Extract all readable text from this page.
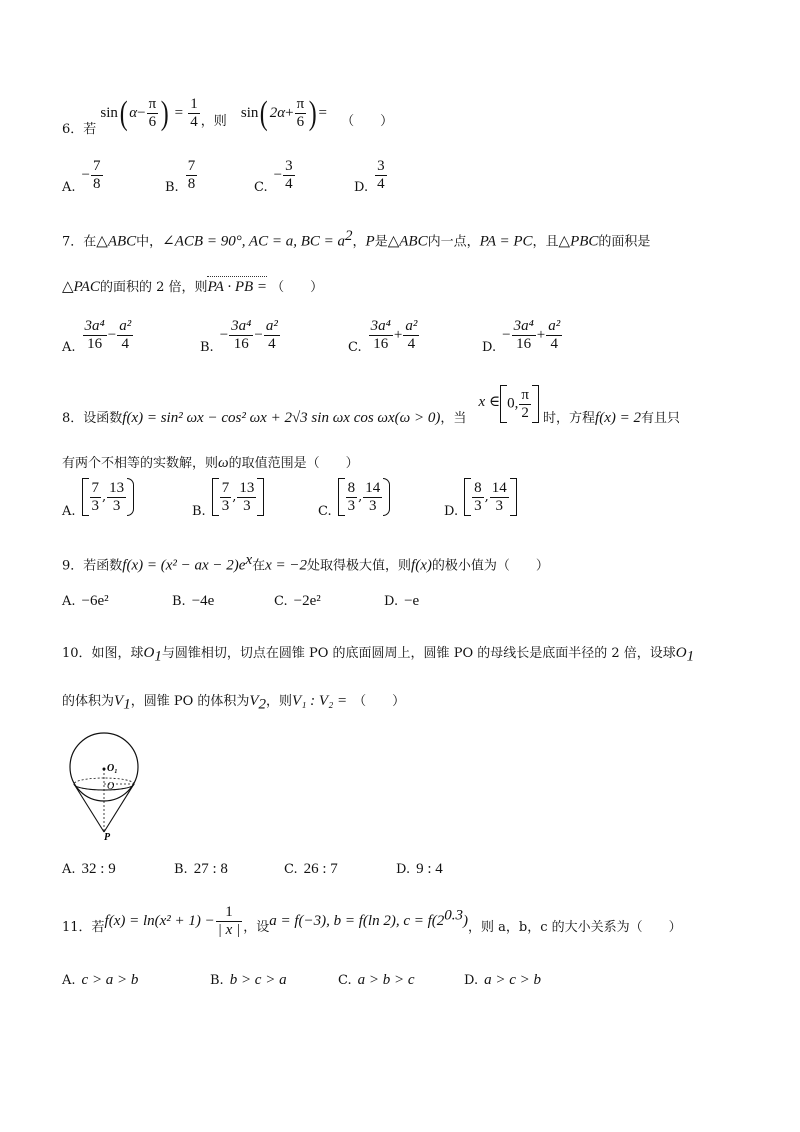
6．若 sin( $\alpha- \frac{\pi}{6}$ ) = $\frac{1}{4}$ ，则 sin( $2\alpha+ \frac{\pi}{6}$ ) = （　　）
$A.- \frac{7}{8}$	B. $\frac{7}{8}$	$C.- \frac{3}{4}$	D. $\frac{3}{4}$
7．在△ABC中，∠ACB = 90°, AC = a, BC = $a^2$，P是△ABC内一点，PA = PC，且△PBC的面积是
△PAC的面积的 2 倍，则PA · PB = （　　）
A. $\frac{\text{3a⁴}}{16} - \frac{\text{a²}}{4}$	$B.- \frac{\text{3a⁴}}{16} - \frac{\text{a²}}{4}$	C. $\frac{\text{3a⁴}}{16} + \frac{\text{a²}}{4}$	$D.- \frac{\text{3a⁴}}{16} + \frac{\text{a²}}{4}$
8．设函数f(x) = sin² ωx − cos² ωx + 2√3 sin ωx cos ωx(ω > 0)，当 x ∈ 0, $\frac{\pi}{2}$ 时，方程f(x) = 2有且只
有两个不相等的实数解，则ω的取值范围是（　　）
A. $\frac{7}{3}$ , $\frac{13}{3}$	B. $\frac{7}{3}$ , $\frac{13}{3}$	C. $\frac{8}{3}$ , $\frac{14}{3}$	D. $\frac{8}{3}$ , $\frac{14}{3}$
9．若函数f(x) = (x² − ax − $2)e^x$在x = −2处取得极大值，则f(x)的极小值为（　　）
A. −6e²	B. −4e	C. −2e²	D. −e
10．如图，球$O_1$与圆锥相切，切点在圆锥 PO 的底面圆周上，圆锥 PO 的母线长是底面半径的 2 倍，设球$O_1$
的体积为$V_1$，圆锥 PO 的体积为$V_2$，则V₁ : V₂ = （　　）
O₁
O
P
A. 32 : 9	B. 27 : 8	C. 26 : 7	D. 9 : 4
11．若$f(x) = \ln(x^2 + 1) - \frac{1}{| x |}$ ，设a = f(−3), b = f(ln 2), $c = f(2^{0.3})$，则 a，b，c 的大小关系为（　　）
A. c > a > b	B. b > c > a	C. a > b > c	D. a > c > b
